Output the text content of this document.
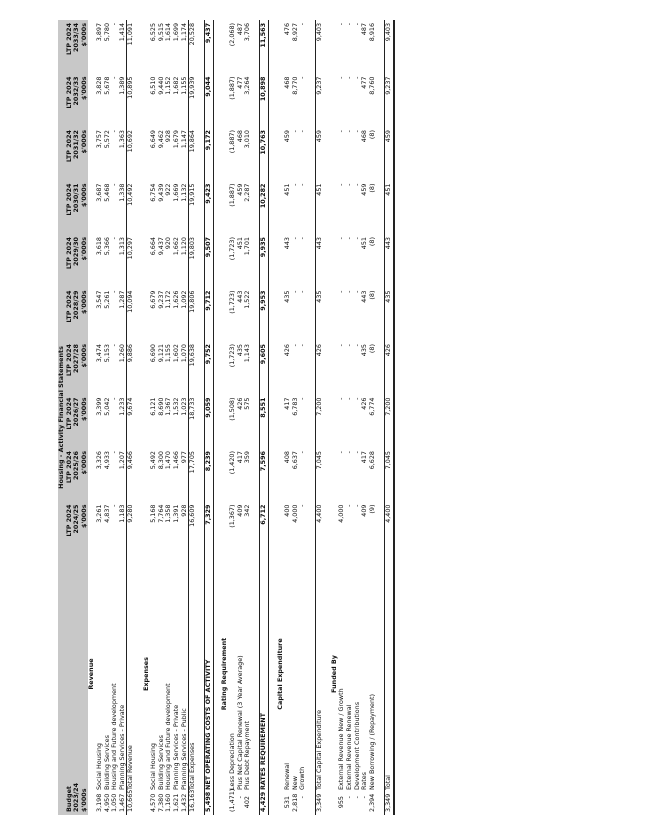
Housing - Activity Financial Statements											
Budget		LTP 2024	LTP 2024	LTP 2024	LTP 2024	LTP 2024	LTP 2024	LTP 2024	LTP 2024	LTP 2024	LTP 2024
2023/24		2024/25	2025/26	2026/27	2027/28	2028/29	2029/30	2030/31	2031/32	2032/33	2033/34
$'000s		$'000s	$'000s	$'000s	$'000s	$'000s	$'000s	$'000s	$'000s	$'000s	$'000s
	Revenue										
3,198	Social Housing	3,261	3,326	3,399	3,474	3,547	3,618	3,687	3,757	3,828	3,897
4,950	Building Services	4,837	4,933	5,042	5,153	5,261	5,366	5,468	5,572	5,678	5,780
1,050	Housing and Future development	-	-	-	-	-	-	-	-	-	-
1,467	Planning Services - Private	1,183	1,207	1,233	1,260	1,287	1,313	1,338	1,363	1,389	1,414
10,665	Total Revenue	9,280	9,466	9,674	9,886	10,094	10,297	10,492	10,692	10,895	11,091

	Expenses										
4,570	Social Housing	5,168	5,492	6,121	6,690	6,679	6,664	6,754	6,649	6,510	6,525
7,380	Building Services	7,764	8,300	8,690	9,121	9,237	9,437	9,439	9,462	9,440	9,515
1,160	Housing and Future development	1,358	1,470	1,367	1,155	1,172	920	922	928	1,152	1,614
1,621	Planning Services - Private	1,391	1,466	1,532	1,602	1,626	1,662	1,669	1,679	1,682	1,699
1,432	Planning Services - Public	928	977	1,023	1,070	1,092	1,120	1,132	1,147	1,155	1,174
16,163	Total Expenses	16,609	17,705	18,733	19,638	19,806	19,803	19,915	19,864	19,939	20,528

5,498	NET OPERATING COSTS OF ACTIVITY	7,329	8,239	9,059	9,752	9,712	9,507	9,423	9,172	9,044	9,437

	Rating Requirement										
(1,471)	Less Depreciation	(1,367)	(1,420)	(1,508)	(1,723)	(1,723)	(1,723)	(1,887)	(1,887)	(1,887)	(2,068)
-	Plus Net Capital Renewal (3 Year Average)	409	417	426	435	443	451	459	468	477	487
402	Plus Debt Repayment	342	359	575	1,143	1,522	1,701	2,287	3,010	3,264	3,706

4,429	RATES REQUIREMENT	6,712	7,596	8,551	9,605	9,953	9,935	10,282	10,763	10,898	11,563

	Capital Expenditure										
531	Renewal	400	408	417	426	435	443	451	459	468	476
2,818	New	4,000	6,637	6,783	-	-	-	-	-	8,770	8,927
-	Growth	-	-	-	-	-	-	-	-	-	-

3,349	Total Capital Expenditure	4,400	7,045	7,200	426	435	443	451	459	9,237	9,403

	Funded By										
955	External Revenue New / Growth	4,000	-	-	-	-	-	-	-	-	-
-	External Revenue Renewal	-	-	-	-	-	-	-	-	-	-
-	Development Contributions	-	-	-	-	-	-	-	-	-	-
-	Rates	409	417	426	435	443	451	459	468	477	487
2,394	New Borrowing / (Repayment)	(9)	6,628	6,774	(8)	(8)	(8)	(8)	(8)	8,760	8,916

3,349	Total	4,400	7,045	7,200	426	435	443	451	459	9,237	9,403
